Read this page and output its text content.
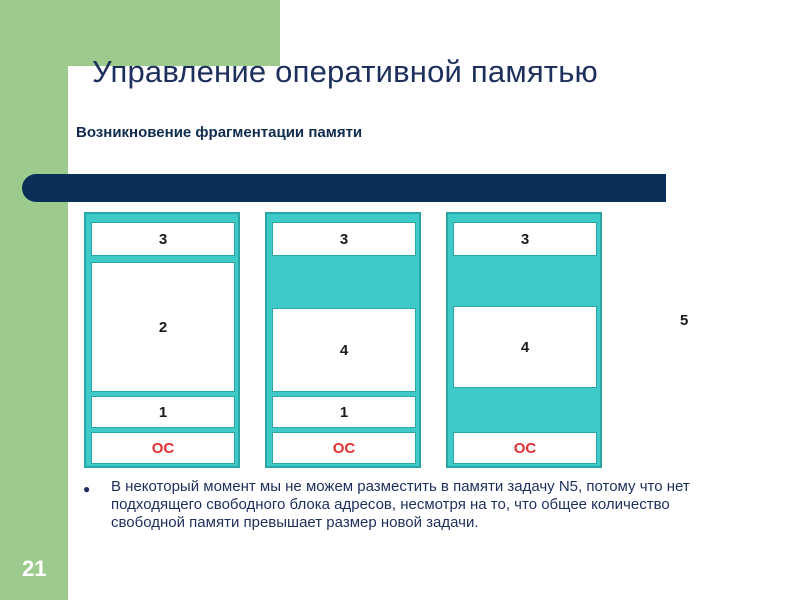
Управление оперативной памятью
Возникновение фрагментации памяти
3
2
1
ОС
3
4
1
ОС
3
4
ОС
5
● В некоторый момент мы не можем разместить в памяти задачу N5, потому что нет подходящего свободного блока адресов, несмотря на то, что общее количество свободной памяти превышает размер новой задачи.
21
